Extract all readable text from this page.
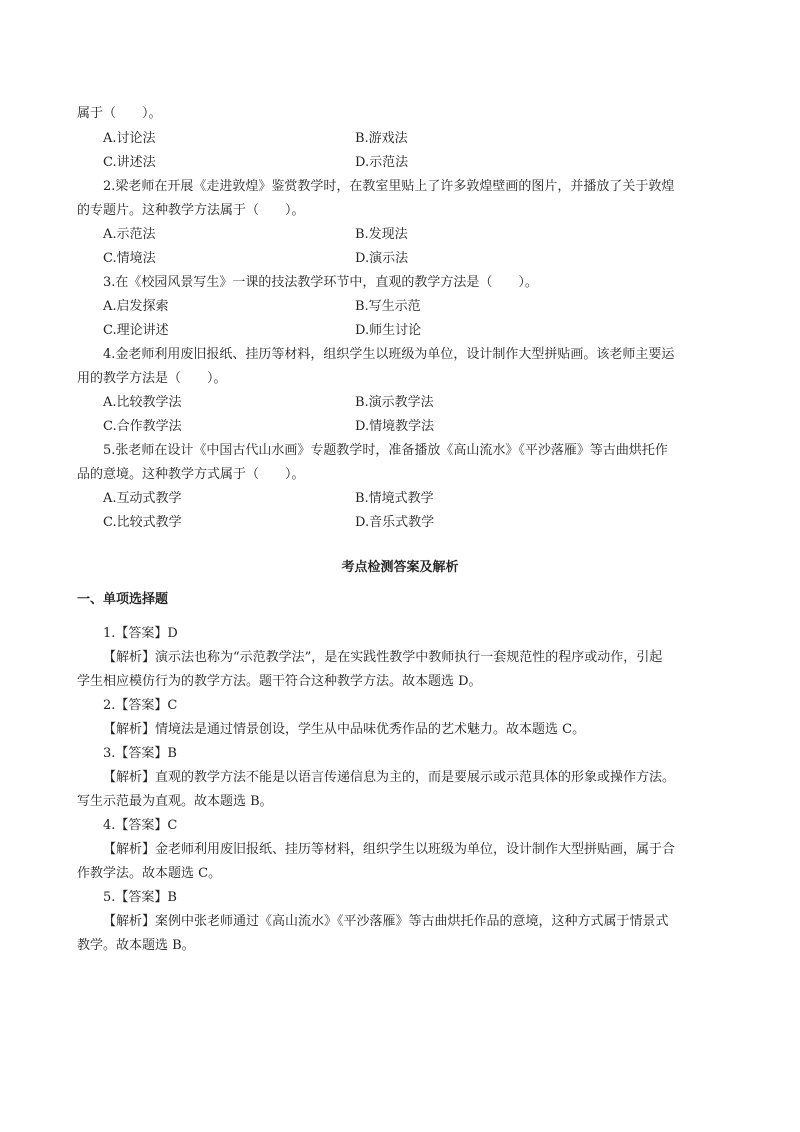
属于（　　）。
A.讨论法	B.游戏法
C.讲述法	D.示范法
2.梁老师在开展《走进敦煌》鉴赏教学时，在教室里贴上了许多敦煌壁画的图片，并播放了关于敦煌
的专题片。这种教学方法属于（　　）。
A.示范法	B.发现法
C.情境法	D.演示法
3.在《校园风景写生》一课的技法教学环节中，直观的教学方法是（　　）。
A.启发探索	B.写生示范
C.理论讲述	D.师生讨论
4.金老师利用废旧报纸、挂历等材料，组织学生以班级为单位，设计制作大型拼贴画。该老师主要运
用的教学方法是（　　）。
A.比较教学法	B.演示教学法
C.合作教学法	D.情境教学法
5.张老师在设计《中国古代山水画》专题教学时，准备播放《高山流水》《平沙落雁》等古曲烘托作
品的意境。这种教学方式属于（　　）。
A.互动式教学	B.情境式教学
C.比较式教学	D.音乐式教学
考点检测答案及解析
一、单项选择题
1.【答案】D
【解析】演示法也称为“示范教学法”，是在实践性教学中教师执行一套规范性的程序或动作，引起
学生相应模仿行为的教学方法。题干符合这种教学方法。故本题选 D。
2.【答案】C
【解析】情境法是通过情景创设，学生从中品味优秀作品的艺术魅力。故本题选 C。
3.【答案】B
【解析】直观的教学方法不能是以语言传递信息为主的，而是要展示或示范具体的形象或操作方法。
写生示范最为直观。故本题选 B。
4.【答案】C
【解析】金老师利用废旧报纸、挂历等材料，组织学生以班级为单位，设计制作大型拼贴画，属于合
作教学法。故本题选 C。
5.【答案】B
【解析】案例中张老师通过《高山流水》《平沙落雁》等古曲烘托作品的意境，这种方式属于情景式
教学。故本题选 B。
